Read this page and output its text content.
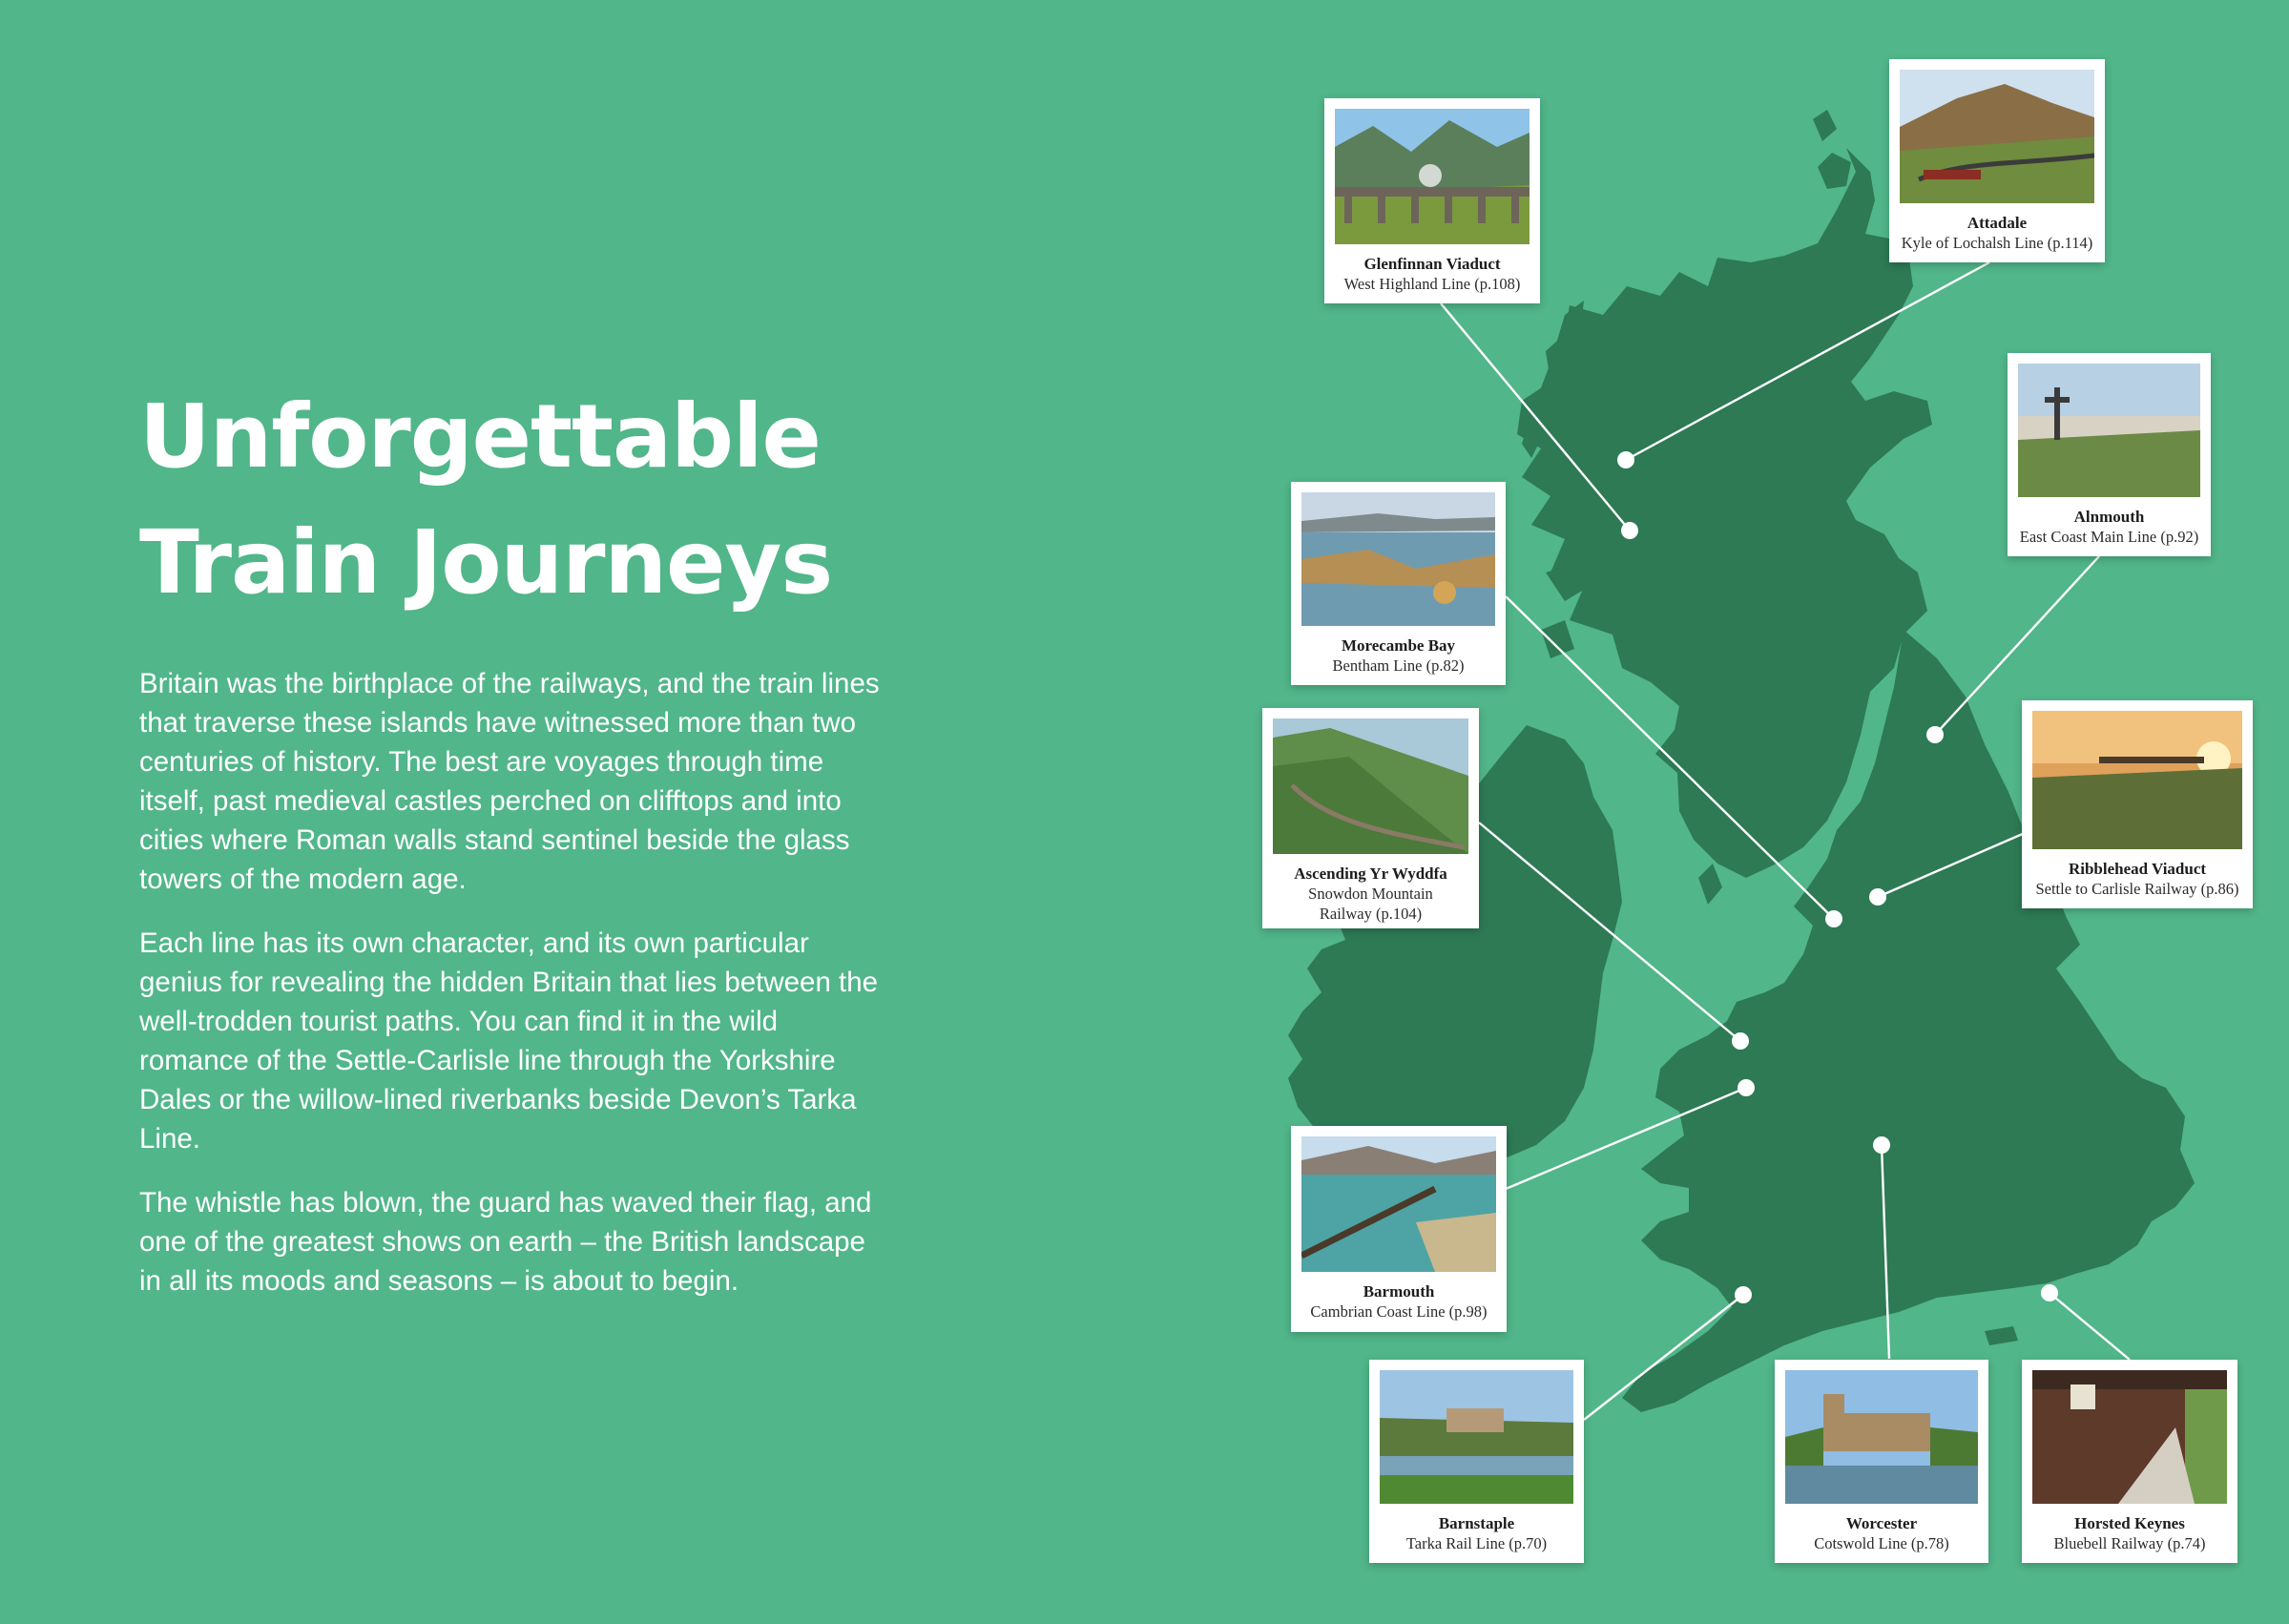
Unforgettable
Train Journeys

Britain was the birthplace of the railways, and the train lines that traverse these islands have witnessed more than two centuries of history. The best are voyages through time itself, past medieval castles perched on clifftops and into cities where Roman walls stand sentinel beside the glass towers of the modern age.

Each line has its own character, and its own particular genius for revealing the hidden Britain that lies between the well-trodden tourist paths. You can find it in the wild romance of the Settle-Carlisle line through the Yorkshire Dales or the willow-lined riverbanks beside Devon’s Tarka Line.

The whistle has blown, the guard has waved their flag, and one of the greatest shows on earth – the British landscape in all its moods and seasons – is about to begin.

Glenfinnan Viaduct
West Highland Line (p.108)
Attadale
Kyle of Lochalsh Line (p.114)
Alnmouth
East Coast Main Line (p.92)
Morecambe Bay
Bentham Line (p.82)
Ascending Yr Wyddfa
Snowdon Mountain Railway (p.104)
Ribblehead Viaduct
Settle to Carlisle Railway (p.86)
Barmouth
Cambrian Coast Line (p.98)
Barnstaple
Tarka Rail Line (p.70)
Worcester
Cotswold Line (p.78)
Horsted Keynes
Bluebell Railway (p.74)
